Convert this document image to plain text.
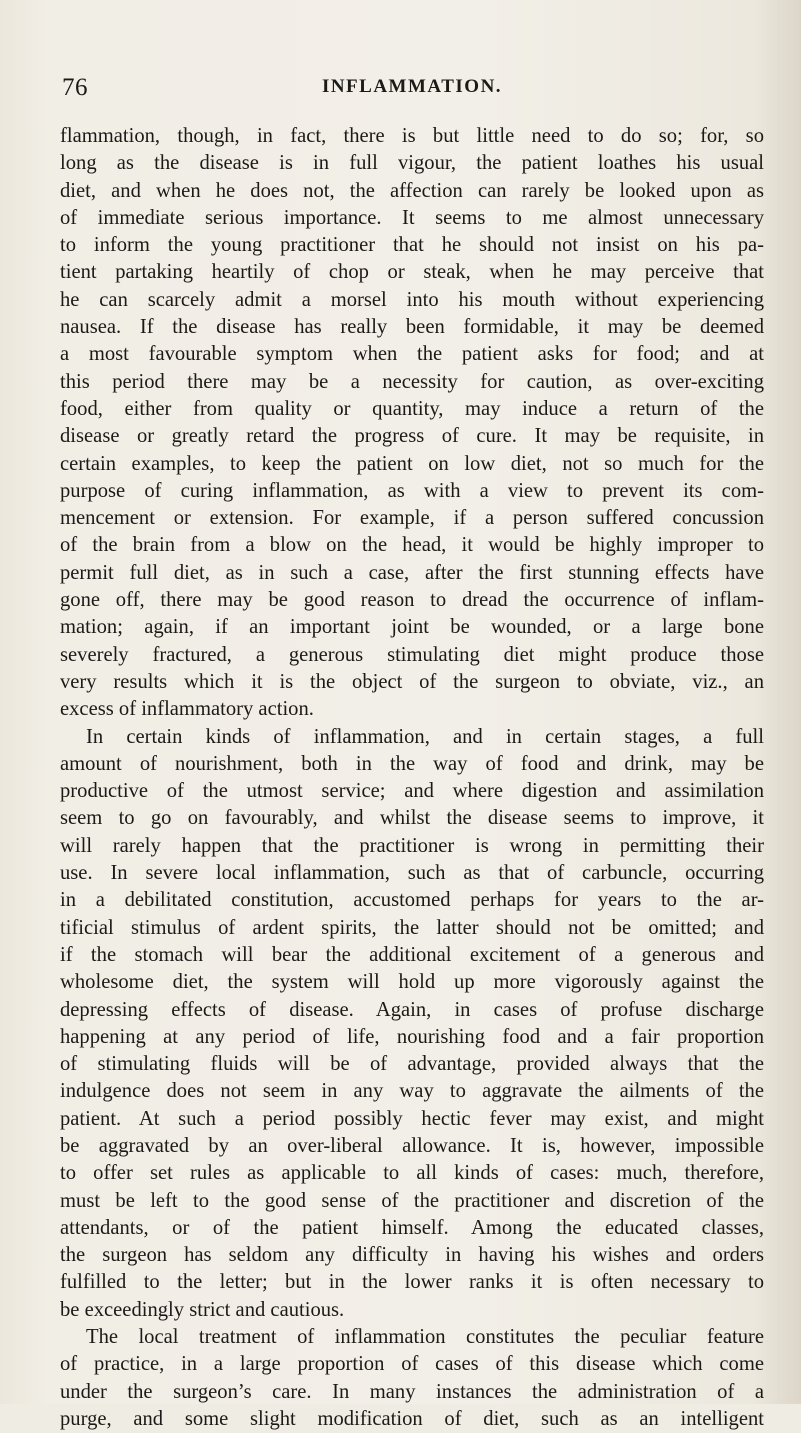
76	INFLAMMATION.
flammation, though, in fact, there is but little need to do so; for, so
long as the disease is in full vigour, the patient loathes his usual
diet, and when he does not, the affection can rarely be looked upon as
of immediate serious importance. It seems to me almost unnecessary
to inform the young practitioner that he should not insist on his pa-
tient partaking heartily of chop or steak, when he may perceive that
he can scarcely admit a morsel into his mouth without experiencing
nausea. If the disease has really been formidable, it may be deemed
a most favourable symptom when the patient asks for food; and at
this period there may be a necessity for caution, as over-exciting
food, either from quality or quantity, may induce a return of the
disease or greatly retard the progress of cure. It may be requisite, in
certain examples, to keep the patient on low diet, not so much for the
purpose of curing inflammation, as with a view to prevent its com-
mencement or extension. For example, if a person suffered concussion
of the brain from a blow on the head, it would be highly improper to
permit full diet, as in such a case, after the first stunning effects have
gone off, there may be good reason to dread the occurrence of inflam-
mation; again, if an important joint be wounded, or a large bone
severely fractured, a generous stimulating diet might produce those
very results which it is the object of the surgeon to obviate, viz., an
excess of inflammatory action.
In certain kinds of inflammation, and in certain stages, a full
amount of nourishment, both in the way of food and drink, may be
productive of the utmost service; and where digestion and assimilation
seem to go on favourably, and whilst the disease seems to improve, it
will rarely happen that the practitioner is wrong in permitting their
use. In severe local inflammation, such as that of carbuncle, occurring
in a debilitated constitution, accustomed perhaps for years to the ar-
tificial stimulus of ardent spirits, the latter should not be omitted; and
if the stomach will bear the additional excitement of a generous and
wholesome diet, the system will hold up more vigorously against the
depressing effects of disease. Again, in cases of profuse discharge
happening at any period of life, nourishing food and a fair proportion
of stimulating fluids will be of advantage, provided always that the
indulgence does not seem in any way to aggravate the ailments of the
patient. At such a period possibly hectic fever may exist, and might
be aggravated by an over-liberal allowance. It is, however, impossible
to offer set rules as applicable to all kinds of cases: much, therefore,
must be left to the good sense of the practitioner and discretion of the
attendants, or of the patient himself. Among the educated classes,
the surgeon has seldom any difficulty in having his wishes and orders
fulfilled to the letter; but in the lower ranks it is often necessary to
be exceedingly strict and cautious.
The local treatment of inflammation constitutes the peculiar feature
of practice, in a large proportion of cases of this disease which come
under the surgeon’s care. In many instances the administration of a
purge, and some slight modification of diet, such as an intelligent
